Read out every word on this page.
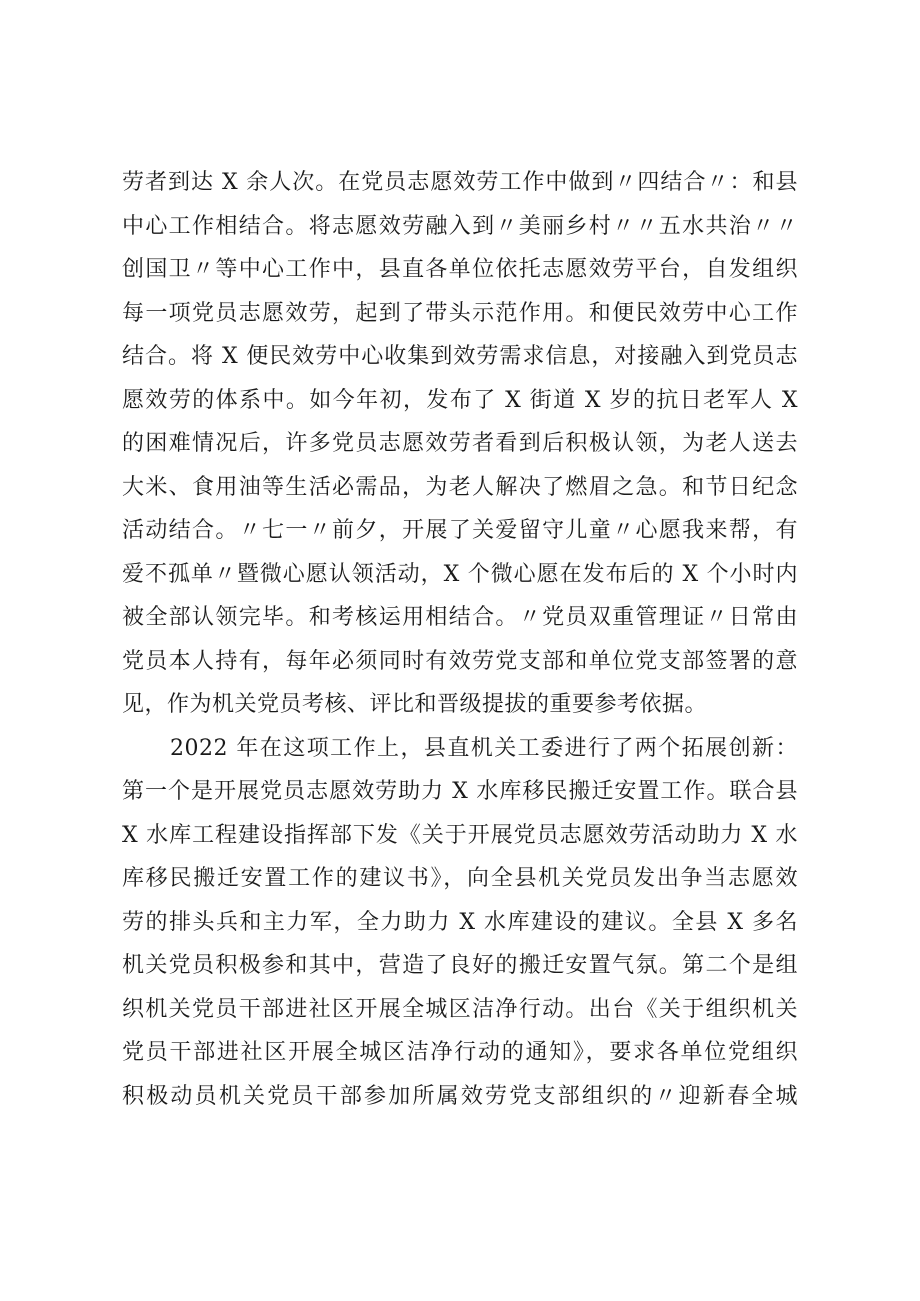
劳者到达 X 余人次。在党员志愿效劳工作中做到〃四结合〃：和县
中心工作相结合。将志愿效劳融入到〃美丽乡村〃〃五水共治〃〃
创国卫〃等中心工作中，县直各单位依托志愿效劳平台，自发组织
每一项党员志愿效劳，起到了带头示范作用。和便民效劳中心工作
结合。将 X 便民效劳中心收集到效劳需求信息，对接融入到党员志
愿效劳的体系中。如今年初，发布了 X 街道 X 岁的抗日老军人 X
的困难情况后，许多党员志愿效劳者看到后积极认领，为老人送去
大米、食用油等生活必需品，为老人解决了燃眉之急。和节日纪念
活动结合。〃七一〃前夕，开展了关爱留守儿童〃心愿我来帮，有
爱不孤单〃暨微心愿认领活动，X 个微心愿在发布后的 X 个小时内
被全部认领完毕。和考核运用相结合。〃党员双重管理证〃日常由
党员本人持有，每年必须同时有效劳党支部和单位党支部签署的意
见，作为机关党员考核、评比和晋级提拔的重要参考依据。
2022 年在这项工作上，县直机关工委进行了两个拓展创新：
第一个是开展党员志愿效劳助力 X 水库移民搬迁安置工作。联合县
X 水库工程建设指挥部下发《关于开展党员志愿效劳活动助力 X 水
库移民搬迁安置工作的建议书》，向全县机关党员发出争当志愿效
劳的排头兵和主力军，全力助力 X 水库建设的建议。全县 X 多名
机关党员积极参和其中，营造了良好的搬迁安置气氛。第二个是组
织机关党员干部进社区开展全城区洁净行动。出台《关于组织机关
党员干部进社区开展全城区洁净行动的通知》，要求各单位党组织
积极动员机关党员干部参加所属效劳党支部组织的〃迎新春全城
